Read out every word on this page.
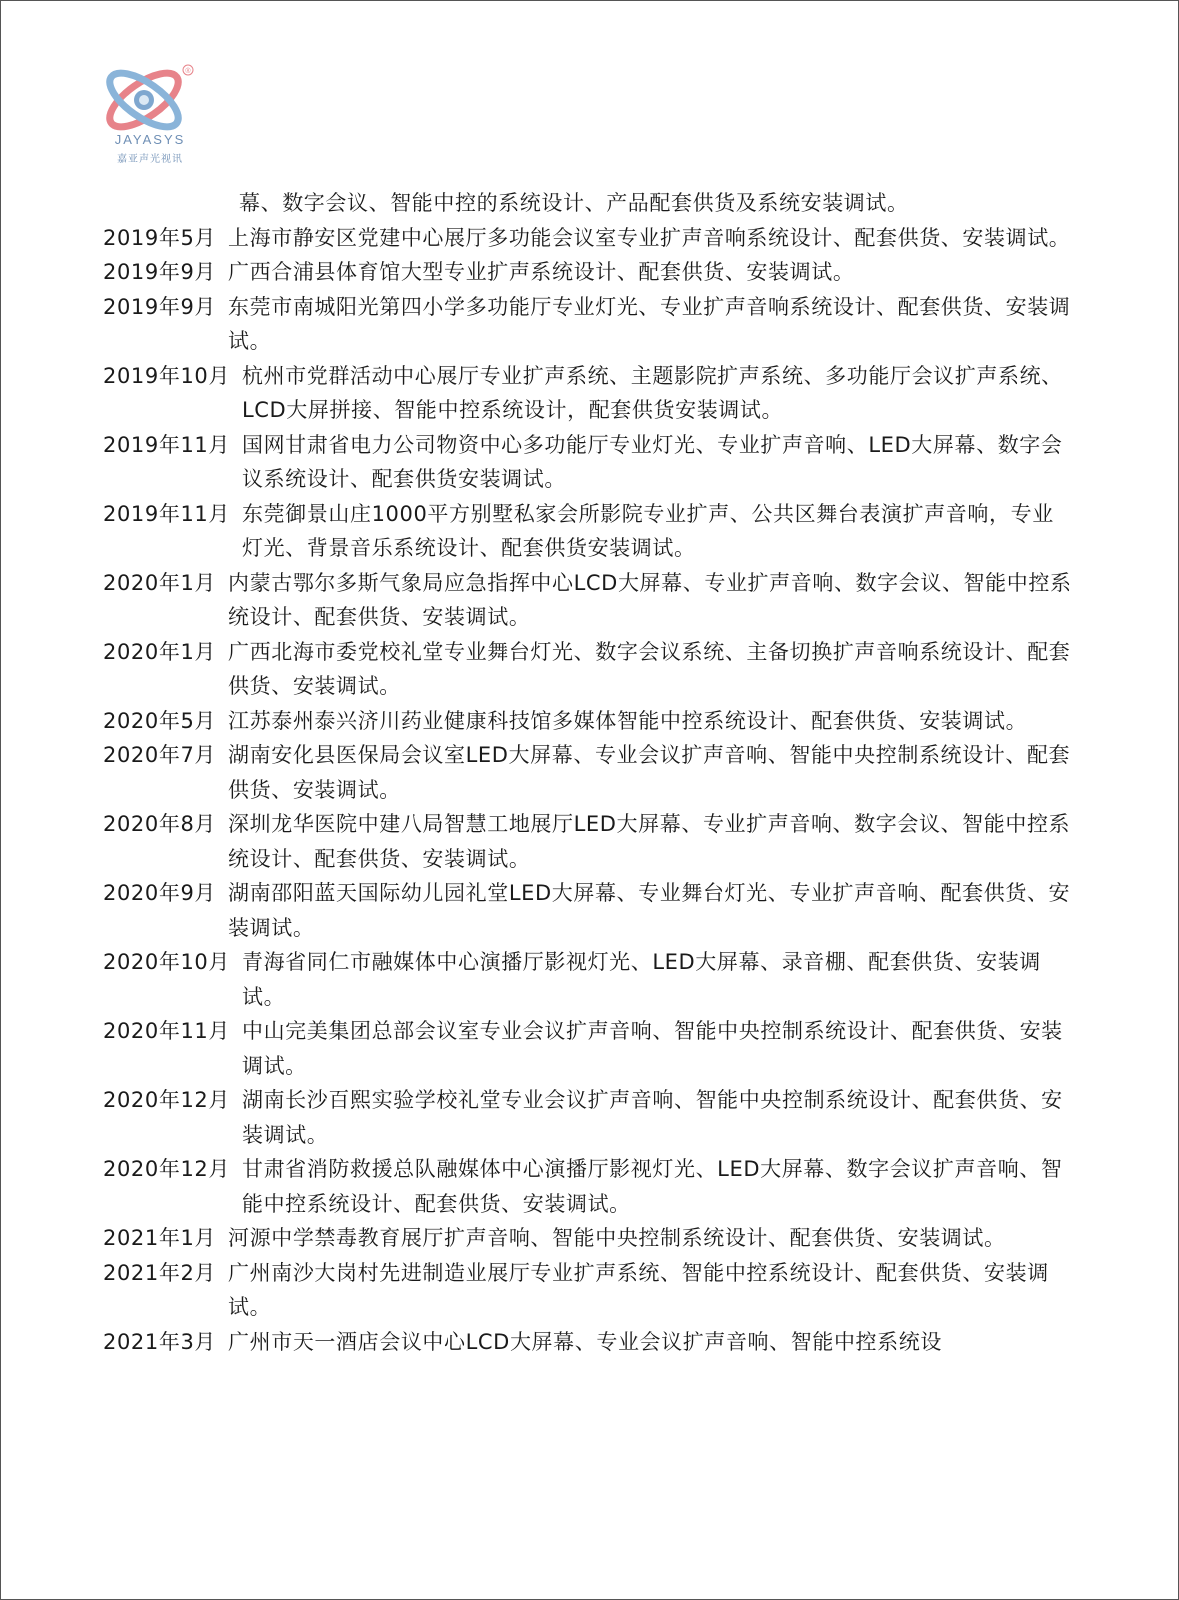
®
JAYASYS
嘉亚声光视讯
幕、数字会议、智能中控的系统设计、产品配套供货及系统安装调试。
2019年5月 上海市静安区党建中心展厅多功能会议室专业扩声音响系统设计、配套供货、安装调试。
2019年9月 广西合浦县体育馆大型专业扩声系统设计、配套供货、安装调试。
2019年9月 东莞市南城阳光第四小学多功能厅专业灯光、专业扩声音响系统设计、配套供货、安装调试。
2019年10月 杭州市党群活动中心展厅专业扩声系统、主题影院扩声系统、多功能厅会议扩声系统、LCD大屏拼接、智能中控系统设计，配套供货安装调试。
2019年11月 国网甘肃省电力公司物资中心多功能厅专业灯光、专业扩声音响、LED大屏幕、数字会议系统设计、配套供货安装调试。
2019年11月 东莞御景山庄1000平方别墅私家会所影院专业扩声、公共区舞台表演扩声音响，专业灯光、背景音乐系统设计、配套供货安装调试。
2020年1月 内蒙古鄂尔多斯气象局应急指挥中心LCD大屏幕、专业扩声音响、数字会议、智能中控系统设计、配套供货、安装调试。
2020年1月 广西北海市委党校礼堂专业舞台灯光、数字会议系统、主备切换扩声音响系统设计、配套供货、安装调试。
2020年5月 江苏泰州泰兴济川药业健康科技馆多媒体智能中控系统设计、配套供货、安装调试。
2020年7月 湖南安化县医保局会议室LED大屏幕、专业会议扩声音响、智能中央控制系统设计、配套供货、安装调试。
2020年8月 深圳龙华医院中建八局智慧工地展厅LED大屏幕、专业扩声音响、数字会议、智能中控系统设计、配套供货、安装调试。
2020年9月 湖南邵阳蓝天国际幼儿园礼堂LED大屏幕、专业舞台灯光、专业扩声音响、配套供货、安装调试。
2020年10月 青海省同仁市融媒体中心演播厅影视灯光、LED大屏幕、录音棚、配套供货、安装调试。
2020年11月 中山完美集团总部会议室专业会议扩声音响、智能中央控制系统设计、配套供货、安装调试。
2020年12月 湖南长沙百熙实验学校礼堂专业会议扩声音响、智能中央控制系统设计、配套供货、安装调试。
2020年12月 甘肃省消防救援总队融媒体中心演播厅影视灯光、LED大屏幕、数字会议扩声音响、智能中控系统设计、配套供货、安装调试。
2021年1月 河源中学禁毒教育展厅扩声音响、智能中央控制系统设计、配套供货、安装调试。
2021年2月 广州南沙大岗村先进制造业展厅专业扩声系统、智能中控系统设计、配套供货、安装调试。
2021年3月 广州市天一酒店会议中心LCD大屏幕、专业会议扩声音响、智能中控系统设
